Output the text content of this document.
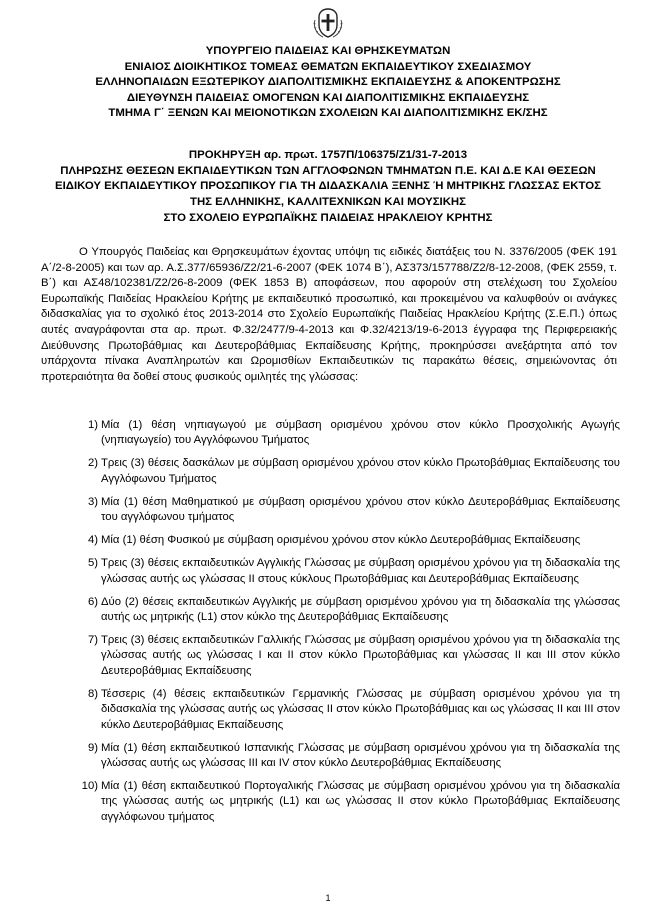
ΥΠΟΥΡΓΕΙΟ ΠΑΙΔΕΙΑΣ ΚΑΙ ΘΡΗΣΚΕΥΜΑΤΩΝ
ΕΝΙΑΙΟΣ ΔΙΟΙΚΗΤΙΚΟΣ ΤΟΜΕΑΣ ΘΕΜΑΤΩΝ ΕΚΠΑΙΔΕΥΤΙΚΟΥ ΣΧΕΔΙΑΣΜΟΥ
ΕΛΛΗΝΟΠΑΙΔΩΝ ΕΞΩΤΕΡΙΚΟΥ ΔΙΑΠΟΛΙΤΙΣΜΙΚΗΣ ΕΚΠΑΙΔΕΥΣΗΣ & ΑΠΟΚΕΝΤΡΩΣΗΣ
ΔΙΕΥΘΥΝΣΗ ΠΑΙΔΕΙΑΣ ΟΜΟΓΕΝΩΝ ΚΑΙ ΔΙΑΠΟΛΙΤΙΣΜΙΚΗΣ ΕΚΠΑΙΔΕΥΣΗΣ
ΤΜΗΜΑ Γ΄ ΞΕΝΩΝ ΚΑΙ ΜΕΙΟΝΟΤΙΚΩΝ ΣΧΟΛΕΙΩΝ ΚΑΙ ΔΙΑΠΟΛΙΤΙΣΜΙΚΗΣ ΕΚ/ΣΗΣ
ΠΡΟΚΗΡΥΞΗ αρ. πρωτ. 1757Π/106375/Ζ1/31-7-2013
ΠΛΗΡΩΣΗΣ ΘΕΣΕΩΝ ΕΚΠΑΙΔΕΥΤΙΚΩΝ ΤΩΝ ΑΓΓΛΟΦΩΝΩΝ ΤΜΗΜΑΤΩΝ Π.Ε. ΚΑΙ Δ.Ε ΚΑΙ ΘΕΣΕΩΝ
ΕΙΔΙΚΟΥ ΕΚΠΑΙΔΕΥΤΙΚΟΥ ΠΡΟΣΩΠΙΚΟΥ ΓΙΑ ΤΗ ΔΙΔΑΣΚΑΛΙΑ ΞΕΝΗΣ Ή ΜΗΤΡΙΚΗΣ ΓΛΩΣΣΑΣ ΕΚΤΟΣ
ΤΗΣ ΕΛΛΗΝΙΚΗΣ, ΚΑΛΛΙΤΕΧΝΙΚΩΝ ΚΑΙ ΜΟΥΣΙΚΗΣ
ΣΤΟ ΣΧΟΛΕΙΟ ΕΥΡΩΠΑΪΚΗΣ ΠΑΙΔΕΙΑΣ ΗΡΑΚΛΕΙΟΥ ΚΡΗΤΗΣ
Ο Υπουργός Παιδείας και Θρησκευμάτων έχοντας υπόψη τις ειδικές διατάξεις του Ν. 3376/2005 (ΦΕΚ 191 Α΄/2-8-2005) και των αρ. Α.Σ.377/65936/Ζ2/21-6-2007 (ΦΕΚ 1074 Β΄), ΑΣ373/157788/Ζ2/8-12-2008, (ΦΕΚ 2559, τ. Β΄) και ΑΣ48/102381/Ζ2/26-8-2009 (ΦΕΚ 1853 Β) αποφάσεων, που αφορούν στη στελέχωση του Σχολείου Ευρωπαϊκής Παιδείας Ηρακλείου Κρήτης με εκπαιδευτικό προσωπικό, και προκειμένου να καλυφθούν οι ανάγκες διδασκαλίας για το σχολικό έτος 2013-2014 στο Σχολείο Ευρωπαϊκής Παιδείας Ηρακλείου Κρήτης (Σ.Ε.Π.) όπως αυτές αναγράφονται στα αρ. πρωτ. Φ.32/2477/9-4-2013 και Φ.32/4213/19-6-2013 έγγραφα της Περιφερειακής Διεύθυνσης Πρωτοβάθμιας και Δευτεροβάθμιας Εκπαίδευσης Κρήτης, προκηρύσσει ανεξάρτητα από τον υπάρχοντα πίνακα Αναπληρωτών και Ωρομισθίων Εκπαιδευτικών τις παρακάτω θέσεις, σημειώνοντας ότι προτεραιότητα θα δοθεί στους φυσικούς ομιλητές της γλώσσας:
1) Μία (1) θέση νηπιαγωγού με σύμβαση ορισμένου χρόνου στον κύκλο Προσχολικής Αγωγής (νηπιαγωγείο) του Αγγλόφωνου Τμήματος
2) Τρεις (3) θέσεις δασκάλων με σύμβαση ορισμένου χρόνου στον κύκλο Πρωτοβάθμιας Εκπαίδευσης του Αγγλόφωνου Τμήματος
3) Μία (1) θέση Μαθηματικού με σύμβαση ορισμένου χρόνου στον κύκλο Δευτεροβάθμιας Εκπαίδευσης του αγγλόφωνου τμήματος
4) Μία (1) θέση Φυσικού με σύμβαση ορισμένου χρόνου στον κύκλο Δευτεροβάθμιας Εκπαίδευσης
5) Τρεις (3) θέσεις εκπαιδευτικών Αγγλικής Γλώσσας με σύμβαση ορισμένου χρόνου για τη διδασκαλία της γλώσσας αυτής ως γλώσσας II στους κύκλους Πρωτοβάθμιας και Δευτεροβάθμιας Εκπαίδευσης
6) Δύο (2) θέσεις εκπαιδευτικών Αγγλικής με σύμβαση ορισμένου χρόνου για τη διδασκαλία της γλώσσας αυτής ως μητρικής (L1) στον κύκλο της Δευτεροβάθμιας Εκπαίδευσης
7) Τρεις (3) θέσεις εκπαιδευτικών Γαλλικής Γλώσσας με σύμβαση ορισμένου χρόνου για τη διδασκαλία της γλώσσας αυτής ως γλώσσας I και II στον κύκλο Πρωτοβάθμιας και γλώσσας II και III στον κύκλο Δευτεροβάθμιας Εκπαίδευσης
8) Τέσσερις (4) θέσεις εκπαιδευτικών Γερμανικής Γλώσσας με σύμβαση ορισμένου χρόνου για τη διδασκαλία της γλώσσας αυτής ως γλώσσας II στον κύκλο Πρωτοβάθμιας και ως γλώσσας II και III στον κύκλο Δευτεροβάθμιας Εκπαίδευσης
9) Μία (1) θέση εκπαιδευτικού Ισπανικής Γλώσσας με σύμβαση ορισμένου χρόνου για τη διδασκαλία της γλώσσας αυτής ως γλώσσας III και IV στον κύκλο Δευτεροβάθμιας Εκπαίδευσης
10) Μία (1) θέση εκπαιδευτικού Πορτογαλικής Γλώσσας με σύμβαση ορισμένου χρόνου για τη διδασκαλία της γλώσσας αυτής ως μητρικής (L1) και ως γλώσσας II στον κύκλο Πρωτοβάθμιας Εκπαίδευσης αγγλόφωνου τμήματος
1
